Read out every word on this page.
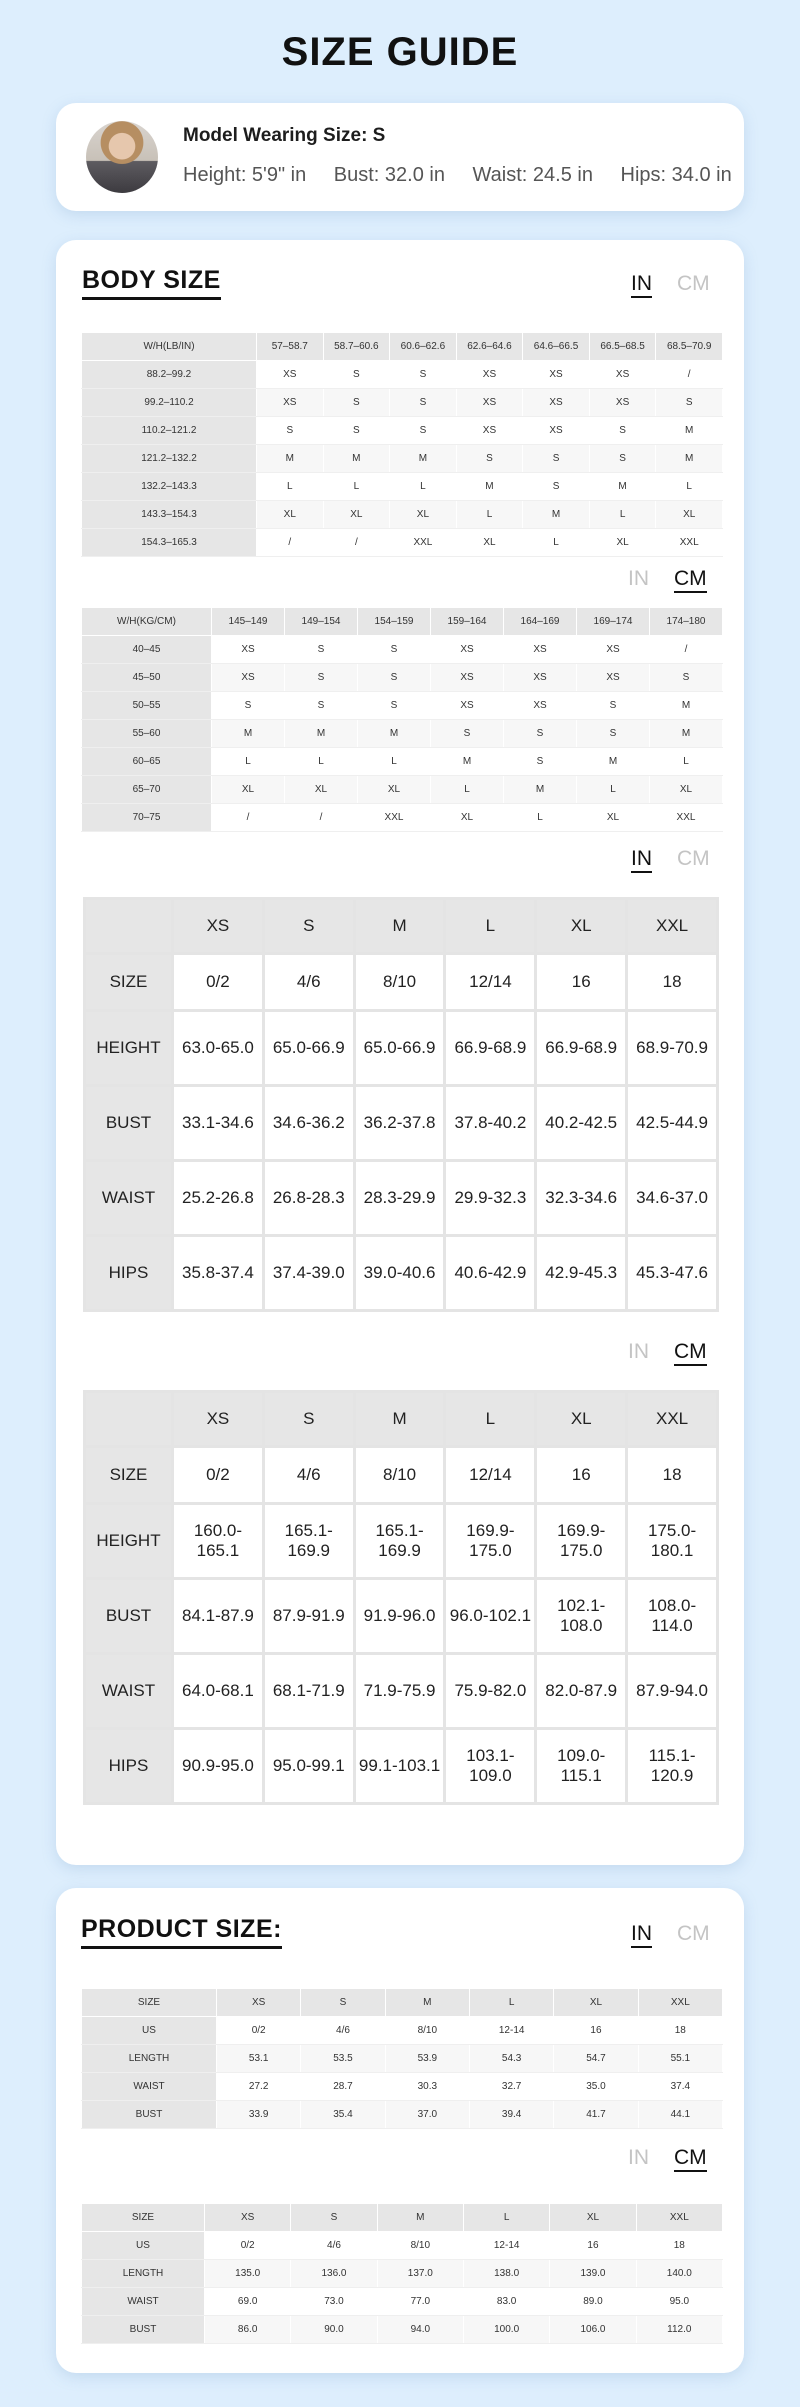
SIZE GUIDE
Model Wearing Size: S
Height: 5'9" in Bust: 32.0 in Waist: 24.5 in Hips: 34.0 in
BODY SIZE	IN CM
W/H(LB/IN)	57–58.7	58.7–60.6	60.6–62.6	62.6–64.6	64.6–66.5	66.5–68.5	68.5–70.9
88.2–99.2	XS	S	S	XS	XS	XS	/
99.2–110.2	XS	S	S	XS	XS	XS	S
110.2–121.2	S	S	S	XS	XS	S	M
121.2–132.2	M	M	M	S	S	S	M
132.2–143.3	L	L	L	M	S	M	L
143.3–154.3	XL	XL	XL	L	M	L	XL
154.3–165.3	/	/	XXL	XL	L	XL	XXL
IN CM
W/H(KG/CM)	145–149	149–154	154–159	159–164	164–169	169–174	174–180
40–45	XS	S	S	XS	XS	XS	/
45–50	XS	S	S	XS	XS	XS	S
50–55	S	S	S	XS	XS	S	M
55–60	M	M	M	S	S	S	M
60–65	L	L	L	M	S	M	L
65–70	XL	XL	XL	L	M	L	XL
70–75	/	/	XXL	XL	L	XL	XXL
IN CM
	XS	S	M	L	XL	XXL
SIZE	0/2	4/6	8/10	12/14	16	18
HEIGHT	63.0-65.0	65.0-66.9	65.0-66.9	66.9-68.9	66.9-68.9	68.9-70.9
BUST	33.1-34.6	34.6-36.2	36.2-37.8	37.8-40.2	40.2-42.5	42.5-44.9
WAIST	25.2-26.8	26.8-28.3	28.3-29.9	29.9-32.3	32.3-34.6	34.6-37.0
HIPS	35.8-37.4	37.4-39.0	39.0-40.6	40.6-42.9	42.9-45.3	45.3-47.6
IN CM
	XS	S	M	L	XL	XXL
SIZE	0/2	4/6	8/10	12/14	16	18
HEIGHT	160.0-165.1	165.1-169.9	165.1-169.9	169.9-175.0	169.9-175.0	175.0-180.1
BUST	84.1-87.9	87.9-91.9	91.9-96.0	96.0-102.1	102.1-108.0	108.0-114.0
WAIST	64.0-68.1	68.1-71.9	71.9-75.9	75.9-82.0	82.0-87.9	87.9-94.0
HIPS	90.9-95.0	95.0-99.1	99.1-103.1	103.1-109.0	109.0-115.1	115.1-120.9
PRODUCT SIZE:	IN CM
SIZE	XS	S	M	L	XL	XXL
US	0/2	4/6	8/10	12-14	16	18
LENGTH	53.1	53.5	53.9	54.3	54.7	55.1
WAIST	27.2	28.7	30.3	32.7	35.0	37.4
BUST	33.9	35.4	37.0	39.4	41.7	44.1
IN CM
SIZE	XS	S	M	L	XL	XXL
US	0/2	4/6	8/10	12-14	16	18
LENGTH	135.0	136.0	137.0	138.0	139.0	140.0
WAIST	69.0	73.0	77.0	83.0	89.0	95.0
BUST	86.0	90.0	94.0	100.0	106.0	112.0
